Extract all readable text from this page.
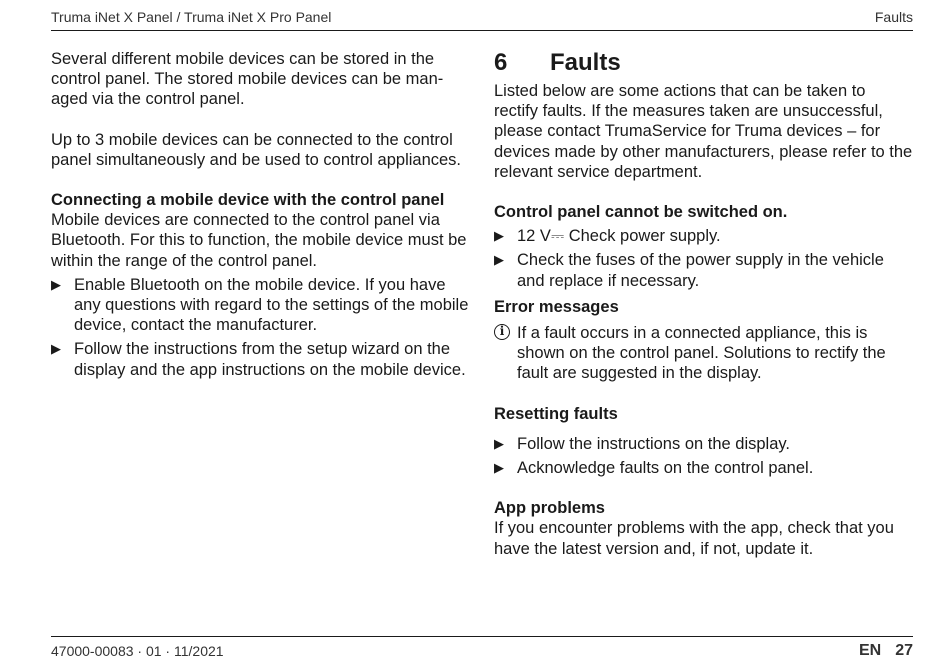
Truma iNet X Panel / Truma iNet X Pro Panel	Faults

Several different mobile devices can be stored in the control panel. The stored mobile devices can be man-aged via the control panel.

Up to 3 mobile devices can be connected to the control panel simultaneously and be used to control appliances.

Connecting a mobile device with the control panel

Mobile devices are connected to the control panel via Bluetooth. For this to function, the mobile device must be within the range of the control panel.

▶ Enable Bluetooth on the mobile device. If you have any questions with regard to the settings of the mobile device, contact the manufacturer.
▶ Follow the instructions from the setup wizard on the display and the app instructions on the mobile device.
6 Faults

Listed below are some actions that can be taken to rectify faults. If the measures taken are unsuccessful, please contact TrumaService for Truma devices – for devices made by other manufacturers, please refer to the relevant service department.

Control panel cannot be switched on.

▶ 12 V⎓ Check power supply.
▶ Check the fuses of the power supply in the vehicle and replace if necessary.

Error messages

i If a fault occurs in a connected appliance, this is shown on the control panel. Solutions to rectify the fault are suggested in the display.

Resetting faults

▶ Follow the instructions on the display.
▶ Acknowledge faults on the control panel.

App problems

If you encounter problems with the app, check that you have the latest version and, if not, update it.

47000-00083 · 01 · 11/2021	EN 27
